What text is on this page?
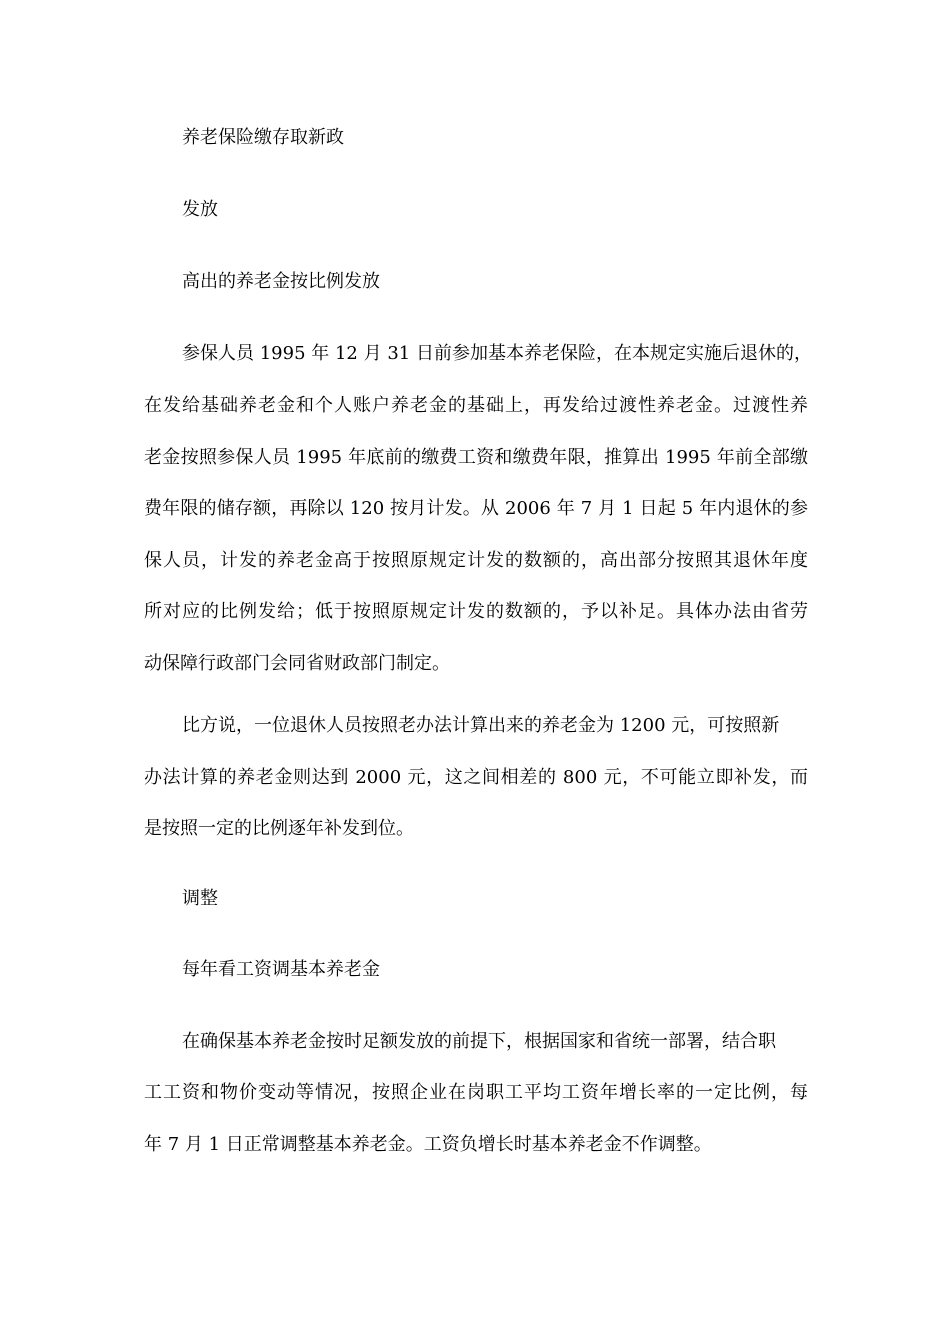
养老保险缴存取新政

发放

高出的养老金按比例发放

参保人员 1995 年 12 月 31 日前参加基本养老保险，在本规定实施后退休的，

在发给基础养老金和个人账户养老金的基础上，再发给过渡性养老金。过渡性养

老金按照参保人员 1995 年底前的缴费工资和缴费年限，推算出 1995 年前全部缴

费年限的储存额，再除以 120 按月计发。从 2006 年 7 月 1 日起 5 年内退休的参

保人员，计发的养老金高于按照原规定计发的数额的，高出部分按照其退休年度

所对应的比例发给；低于按照原规定计发的数额的，予以补足。具体办法由省劳

动保障行政部门会同省财政部门制定。

比方说，一位退休人员按照老办法计算出来的养老金为 1200 元，可按照新

办法计算的养老金则达到 2000 元，这之间相差的 800 元，不可能立即补发，而

是按照一定的比例逐年补发到位。

调整

每年看工资调基本养老金

在确保基本养老金按时足额发放的前提下，根据国家和省统一部署，结合职

工工资和物价变动等情况，按照企业在岗职工平均工资年增长率的一定比例，每

年 7 月 1 日正常调整基本养老金。工资负增长时基本养老金不作调整。
